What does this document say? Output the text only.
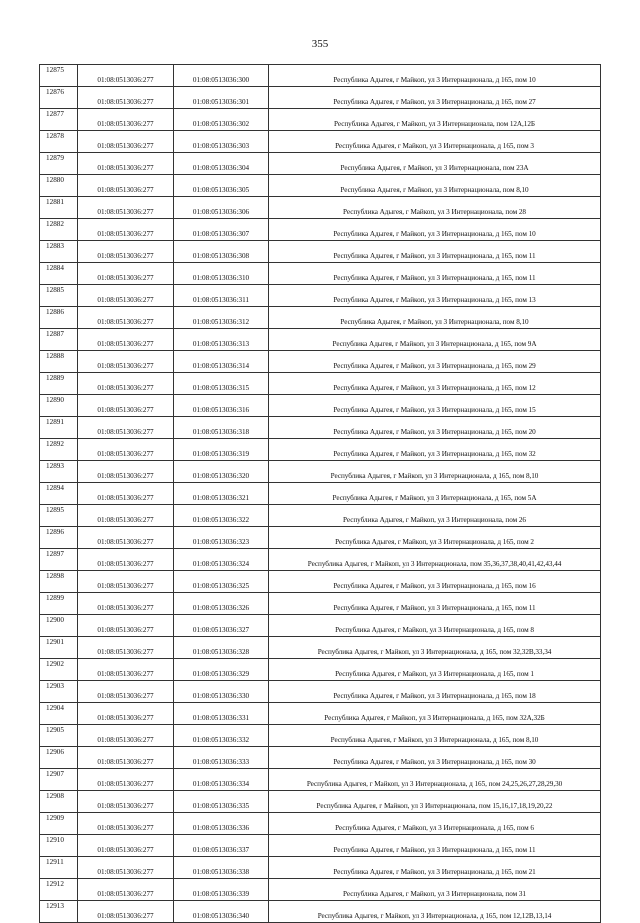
355
12875	01:08:0513036:277	01:08:0513036:300	Республика Адыгея, г Майкоп, ул 3 Интернационала, д 165, пом 10
12876	01:08:0513036:277	01:08:0513036:301	Республика Адыгея, г Майкоп, ул 3 Интернационала, д 165, пом 27
12877	01:08:0513036:277	01:08:0513036:302	Республика Адыгея, г Майкоп, ул 3 Интернационала, пом 12А,12Б
12878	01:08:0513036:277	01:08:0513036:303	Республика Адыгея, г Майкоп, ул 3 Интернационала, д 165, пом 3
12879	01:08:0513036:277	01:08:0513036:304	Республика Адыгея, г Майкоп, ул 3 Интернационала, пом 23А
12880	01:08:0513036:277	01:08:0513036:305	Республика Адыгея, г Майкоп, ул 3 Интернационала, пом 8,10
12881	01:08:0513036:277	01:08:0513036:306	Республика Адыгея, г Майкоп, ул 3 Интернационала, пом 28
12882	01:08:0513036:277	01:08:0513036:307	Республика Адыгея, г Майкоп, ул 3 Интернационала, д 165, пом 10
12883	01:08:0513036:277	01:08:0513036:308	Республика Адыгея, г Майкоп, ул 3 Интернационала, д 165, пом 11
12884	01:08:0513036:277	01:08:0513036:310	Республика Адыгея, г Майкоп, ул 3 Интернационала, д 165, пом 11
12885	01:08:0513036:277	01:08:0513036:311	Республика Адыгея, г Майкоп, ул 3 Интернационала, д 165, пом 13
12886	01:08:0513036:277	01:08:0513036:312	Республика Адыгея, г Майкоп, ул 3 Интернационала, пом 8,10
12887	01:08:0513036:277	01:08:0513036:313	Республика Адыгея, г Майкоп, ул 3 Интернационала, д 165, пом 9А
12888	01:08:0513036:277	01:08:0513036:314	Республика Адыгея, г Майкоп, ул 3 Интернационала, д 165, пом 29
12889	01:08:0513036:277	01:08:0513036:315	Республика Адыгея, г Майкоп, ул 3 Интернационала, д 165, пом 12
12890	01:08:0513036:277	01:08:0513036:316	Республика Адыгея, г Майкоп, ул 3 Интернационала, д 165, пом 15
12891	01:08:0513036:277	01:08:0513036:318	Республика Адыгея, г Майкоп, ул 3 Интернационала, д 165, пом 20
12892	01:08:0513036:277	01:08:0513036:319	Республика Адыгея, г Майкоп, ул 3 Интернационала, д 165, пом 32
12893	01:08:0513036:277	01:08:0513036:320	Республика Адыгея, г Майкоп, ул 3 Интернационала, д 165, пом 8,10
12894	01:08:0513036:277	01:08:0513036:321	Республика Адыгея, г Майкоп, ул 3 Интернационала, д 165, пом 5А
12895	01:08:0513036:277	01:08:0513036:322	Республика Адыгея, г Майкоп, ул 3 Интернационала, пом 26
12896	01:08:0513036:277	01:08:0513036:323	Республика Адыгея, г Майкоп, ул 3 Интернационала, д 165, пом 2
12897	01:08:0513036:277	01:08:0513036:324	Республика Адыгея, г Майкоп, ул 3 Интернационала, пом 35,36,37,38,40,41,42,43,44
12898	01:08:0513036:277	01:08:0513036:325	Республика Адыгея, г Майкоп, ул 3 Интернационала, д 165, пом 16
12899	01:08:0513036:277	01:08:0513036:326	Республика Адыгея, г Майкоп, ул 3 Интернационала, д 165, пом 11
12900	01:08:0513036:277	01:08:0513036:327	Республика Адыгея, г Майкоп, ул 3 Интернационала, д 165, пом 8
12901	01:08:0513036:277	01:08:0513036:328	Республика Адыгея, г Майкоп, ул 3 Интернационала, д 165, пом 32,32В,33,34
12902	01:08:0513036:277	01:08:0513036:329	Республика Адыгея, г Майкоп, ул 3 Интернационала, д 165, пом 1
12903	01:08:0513036:277	01:08:0513036:330	Республика Адыгея, г Майкоп, ул 3 Интернационала, д 165, пом 18
12904	01:08:0513036:277	01:08:0513036:331	Республика Адыгея, г Майкоп, ул 3 Интернационала, д 165, пом 32А,32Б
12905	01:08:0513036:277	01:08:0513036:332	Республика Адыгея, г Майкоп, ул 3 Интернационала, д 165, пом 8,10
12906	01:08:0513036:277	01:08:0513036:333	Республика Адыгея, г Майкоп, ул 3 Интернационала, д 165, пом 30
12907	01:08:0513036:277	01:08:0513036:334	Республика Адыгея, г Майкоп, ул 3 Интернационала, д 165, пом 24,25,26,27,28,29,30
12908	01:08:0513036:277	01:08:0513036:335	Республика Адыгея, г Майкоп, ул 3 Интернационала, пом 15,16,17,18,19,20,22
12909	01:08:0513036:277	01:08:0513036:336	Республика Адыгея, г Майкоп, ул 3 Интернационала, д 165, пом 6
12910	01:08:0513036:277	01:08:0513036:337	Республика Адыгея, г Майкоп, ул 3 Интернационала, д 165, пом 11
12911	01:08:0513036:277	01:08:0513036:338	Республика Адыгея, г Майкоп, ул 3 Интернационала, д 165, пом 21
12912	01:08:0513036:277	01:08:0513036:339	Республика Адыгея, г Майкоп, ул 3 Интернационала, пом 31
12913	01:08:0513036:277	01:08:0513036:340	Республика Адыгея, г Майкоп, ул 3 Интернационала, д 165, пом 12,12В,13,14
